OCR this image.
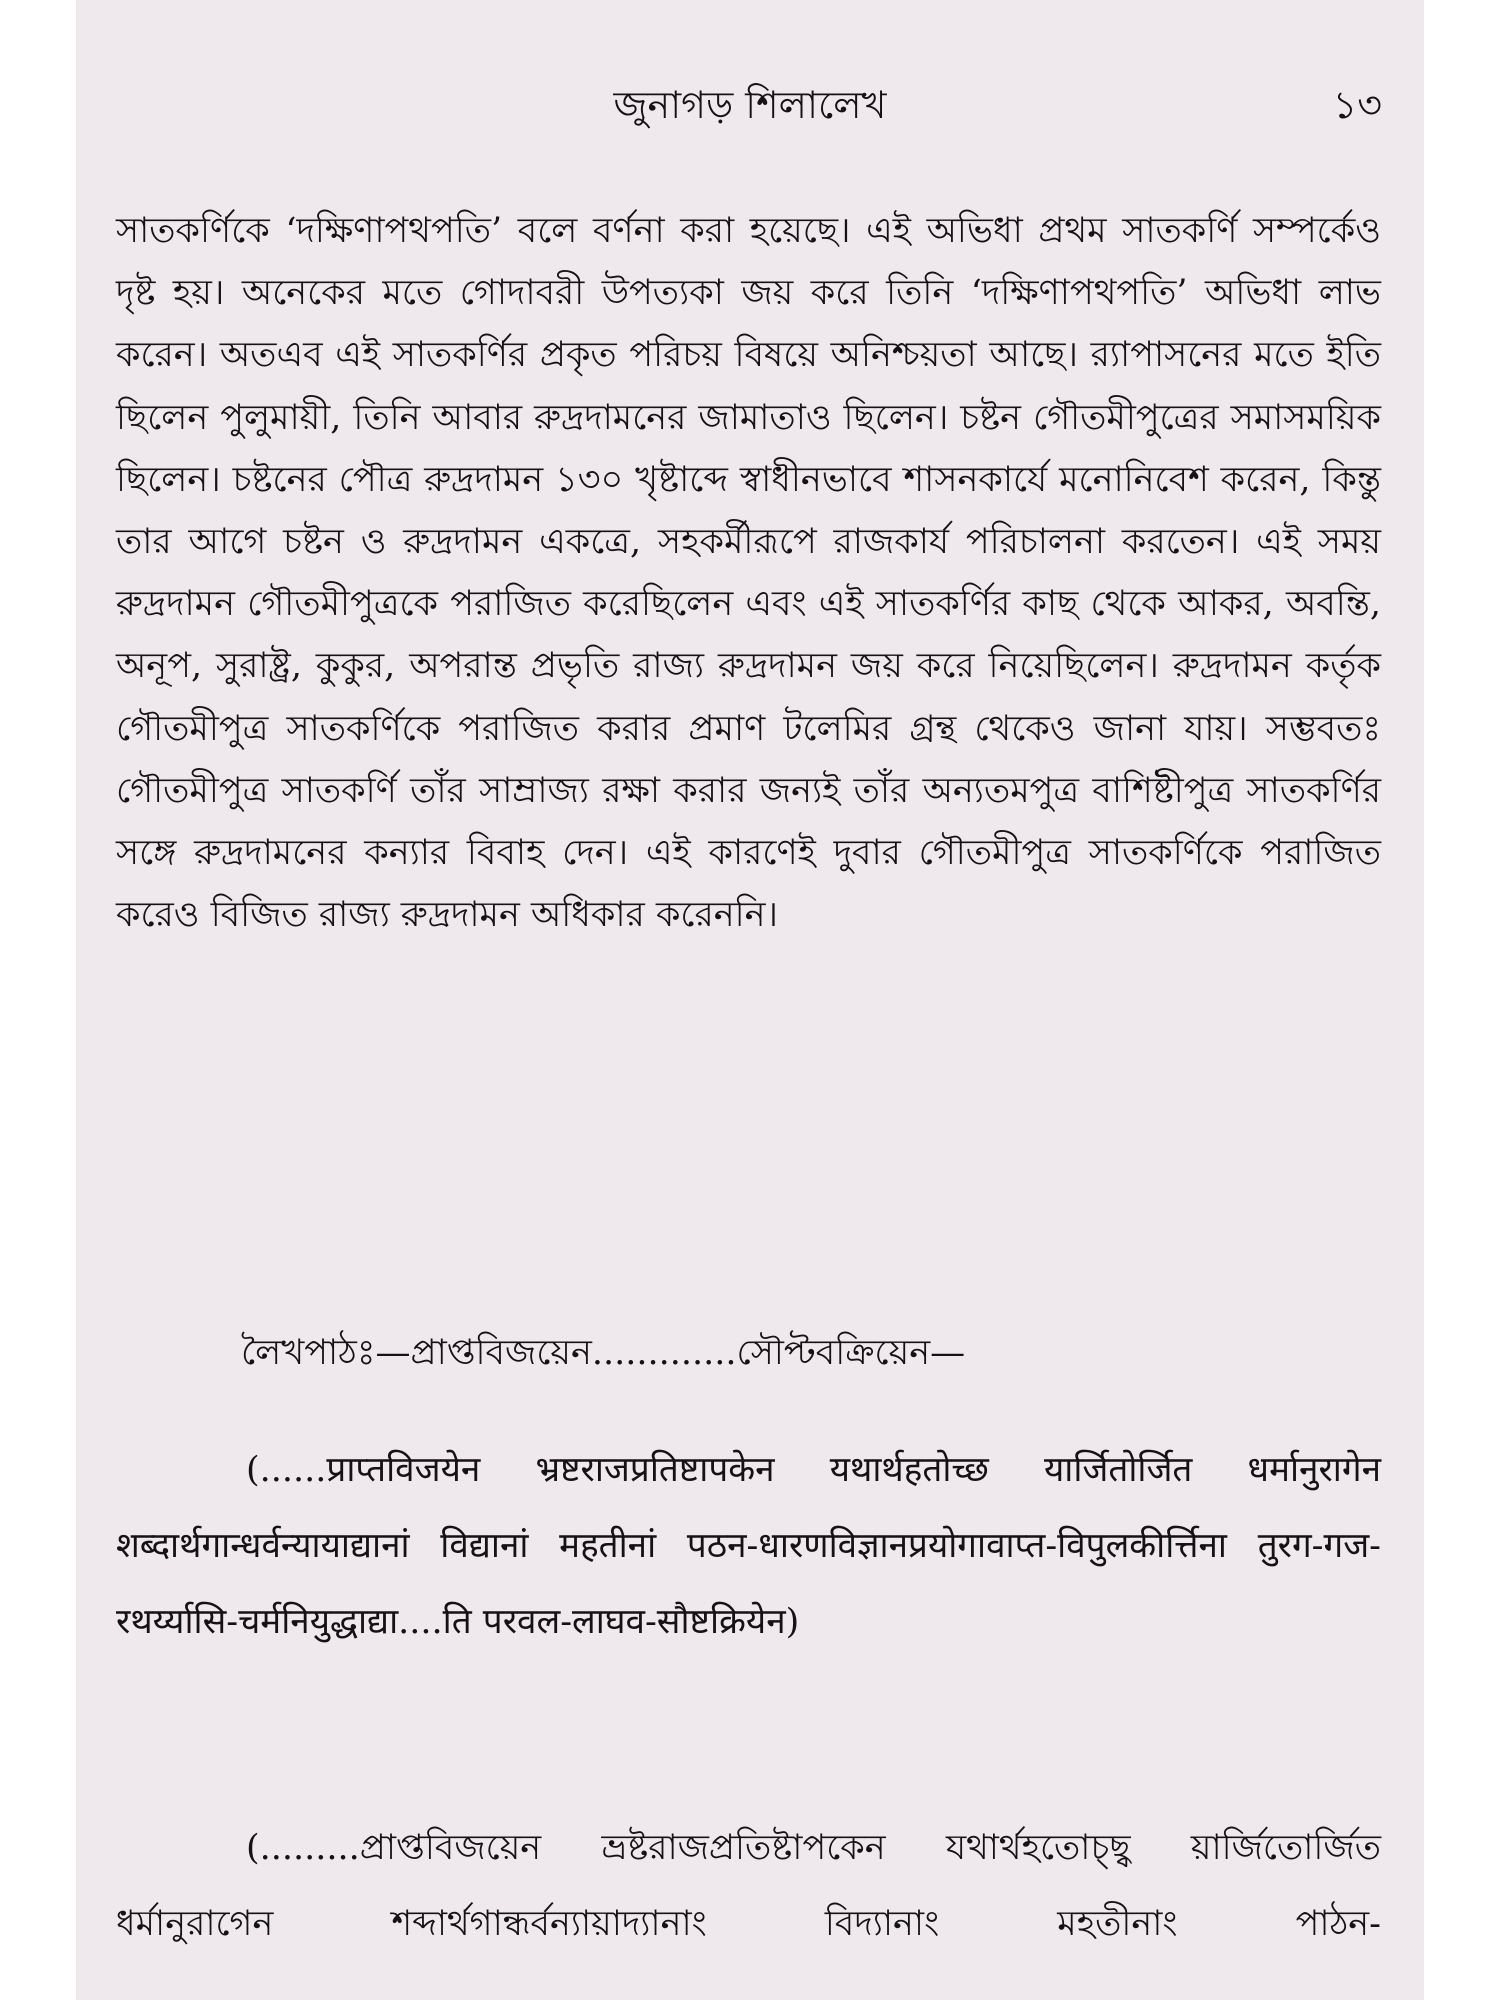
জুনাগড় শিলালেখ	১৩

সাতকর্ণিকে ‘দক্ষিণাপথপতি’ বলে বর্ণনা করা হয়েছে। এই অভিধা প্রথম সাতকর্ণি সম্পর্কেও দৃষ্ট হয়। অনেকের মতে গোদাবরী উপত্যকা জয় করে তিনি ‘দক্ষিণাপথপতি’ অভিধা লাভ করেন। অতএব এই সাতকর্ণির প্রকৃত পরিচয় বিষয়ে অনিশ্চয়তা আছে। র‍্যাপাসনের মতে ইতি ছিলেন পুলুমায়ী, তিনি আবার রুদ্রদামনের জামাতাও ছিলেন। চষ্টন গৌতমীপুত্রের সমাসময়িক ছিলেন। চষ্টনের পৌত্র রুদ্রদামন ১৩০ খৃষ্টাব্দে স্বাধীনভাবে শাসনকার্যে মনোনিবেশ করেন, কিন্তু তার আগে চষ্টন ও রুদ্রদামন একত্রে, সহকর্মীরূপে রাজকার্য পরিচালনা করতেন। এই সময় রুদ্রদামন গৌতমীপুত্রকে পরাজিত করেছিলেন এবং এই সাতকর্ণির কাছ থেকে আকর, অবন্তি, অনূপ, সুরাষ্ট্র, কুকুর, অপরান্ত প্রভৃতি রাজ্য রুদ্রদামন জয় করে নিয়েছিলেন। রুদ্রদামন কর্তৃক গৌতমীপুত্র সাতকর্ণিকে পরাজিত করার প্রমাণ টলেমির গ্রন্থ থেকেও জানা যায়। সম্ভবতঃ গৌতমীপুত্র সাতকর্ণি তাঁর সাম্রাজ্য রক্ষা করার জন্যই তাঁর অন্যতমপুত্র বাশিষ্টীপুত্র সাতকর্ণির সঙ্গে রুদ্রদামনের কন্যার বিবাহ দেন। এই কারণেই দুবার গৌতমীপুত্র সাতকর্ণিকে পরাজিত করেও বিজিত রাজ্য রুদ্রদামন অধিকার করেননি।

লৈখপাঠঃ—প্রাপ্তবিজয়েন.............সৌপ্টবক্রিয়েন—

(......प्राप्तविजयेन भ्रष्टराजप्रतिष्टापकेन यथार्थहतोच्छ यार्जितोर्जित धर्मानुरागेन शब्दार्थगान्धर्वन्यायाद्यानां विद्यानां महतीनां पठन-धारणविज्ञानप्रयोगावाप्त-विपुलकीर्त्तिना तुरग-गज-रथर्य्यासि-चर्मनियुद्धाद्या....ति परवल-लाघव-सौष्टक्रियेन)

(.........প্রাপ্তবিজয়েন ভ্রষ্টরাজপ্রতিষ্টাপকেন যথার্থহতোচ্ছ্ব য়ার্জিতোর্জিত ধর্মানুরাগেন শব্দার্থগান্ধর্বন্যায়াদ্যানাং বিদ্যানাং মহতীনাং পাঠন-
